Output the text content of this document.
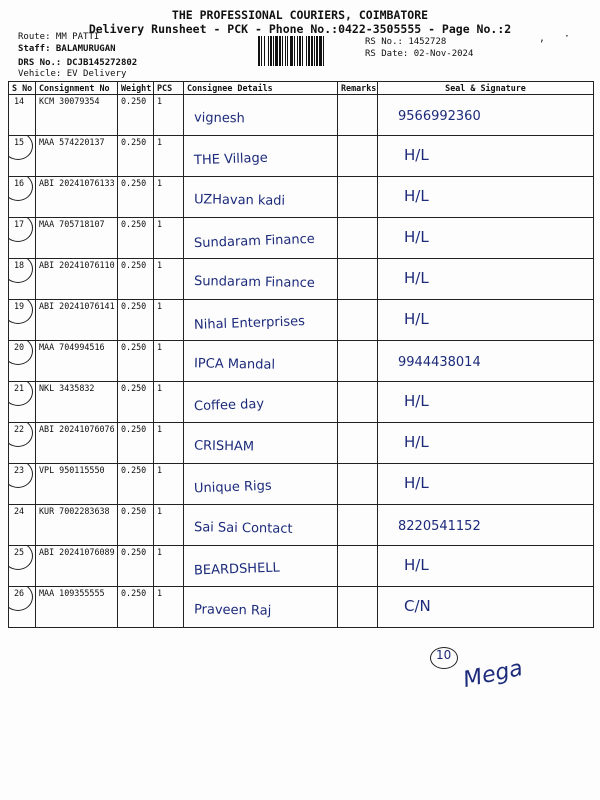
THE PROFESSIONAL COURIERS, COIMBATORE
Delivery Runsheet - PCK - Phone No.:0422-3505555 - Page No.:2
Route: MM PATTI
Staff: BALAMURUGAN
DRS No.: DCJB145272802
Vehicle: EV Delivery
RS No.: 1452728
RS Date: 02-Nov-2024
, ·
S No	Consignment No	Weight	PCS	Consignee Details	Remarks	Seal & Signature
14	KCM 30079354	0.250	1	vignesh		9566992360

15	MAA 574220137	0.250	1	THE Village		H/L

16	ABI 20241076133	0.250	1	UZHavan kadi		H/L

17	MAA 705718107	0.250	1	Sundaram Finance		H/L

18	ABI 20241076110	0.250	1	Sundaram Finance		H/L

19	ABI 20241076141	0.250	1	Nihal Enterprises		H/L

20	MAA 704994516	0.250	1	IPCA Mandal		9944438014

21	NKL 3435832	0.250	1	Coffee day		H/L

22	ABI 20241076076	0.250	1	CRISHAM		H/L

23	VPL 950115550	0.250	1	Unique Rigs		H/L

24	KUR 7002283638	0.250	1	Sai Sai Contact		8220541152

25	ABI 20241076089	0.250	1	BEARDSHELL		H/L

26	MAA 109355555	0.250	1	Praveen Raj		C/N
10
Mega
